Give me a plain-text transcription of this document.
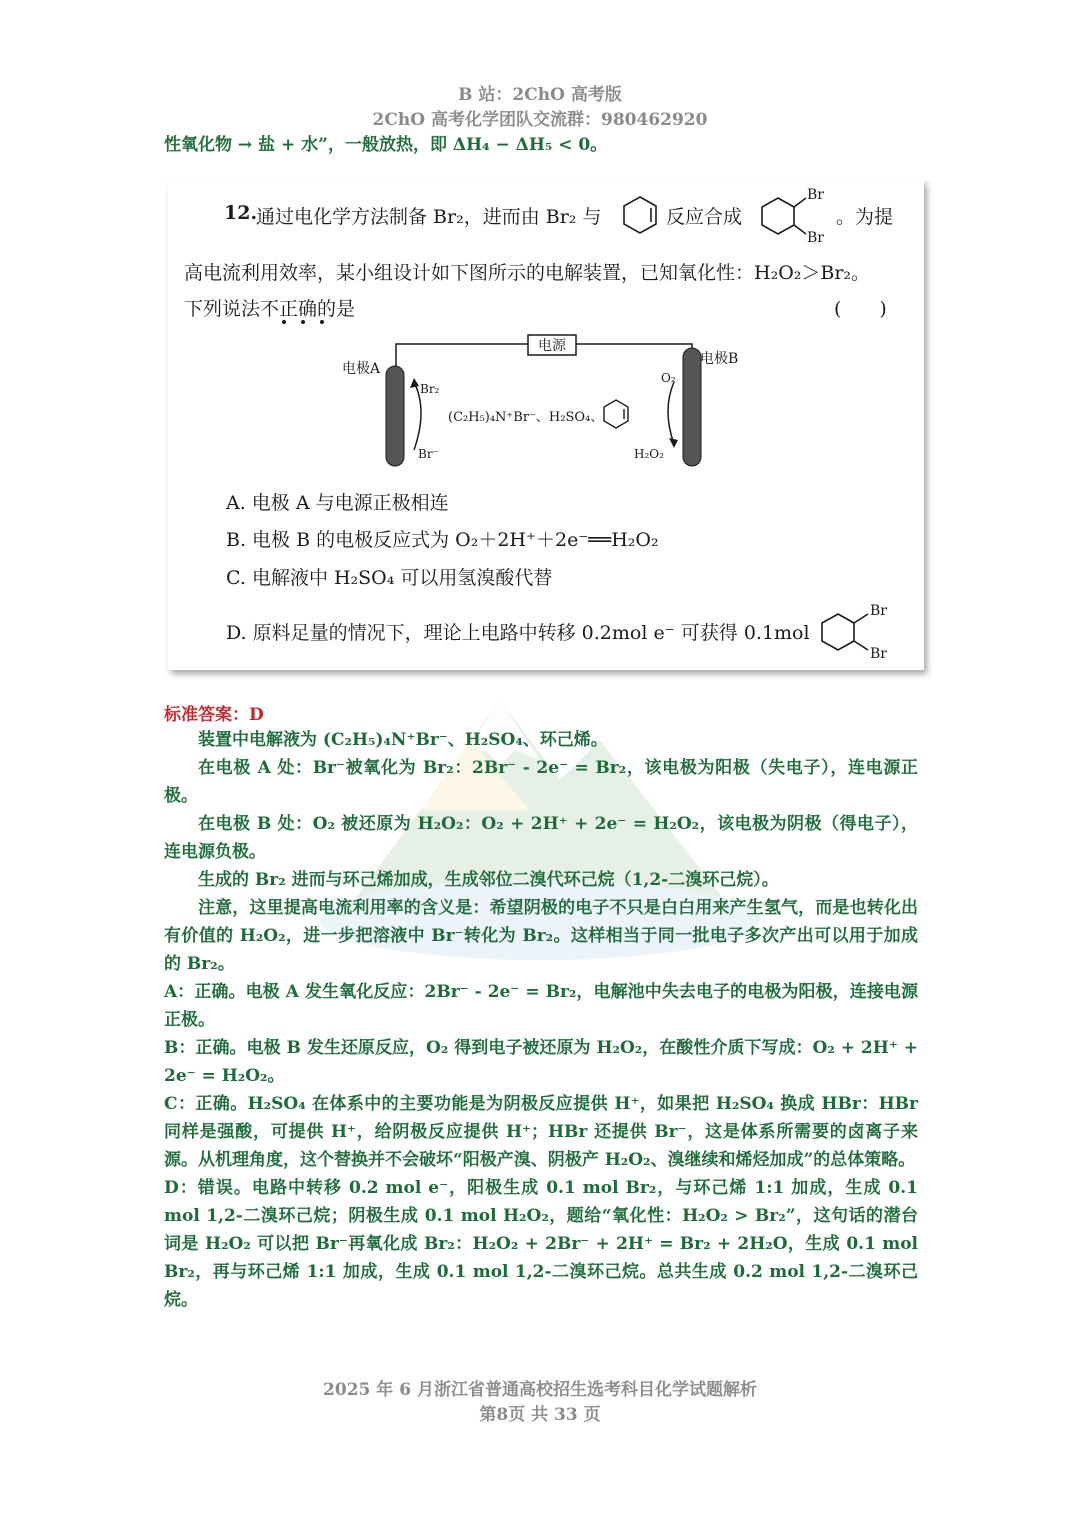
B 站：2ChO 高考版
2ChO 高考化学团队交流群：980462920
性氧化物 → 盐 + 水”，一般放热，即 ΔH₄ − ΔH₅ < 0。
12.
通过电化学方法制备 Br₂，进而由 Br₂ 与	反应合成
Br
Br
。为提
高电流利用效率，某小组设计如下图所示的电解装置，已知氧化性：H₂O₂＞Br₂。
下列说法不正确的是	(　　)
电源
电极A
电极B
Br₂
Br⁻
O₂
H₂O₂
(C₂H₅)₄N⁺Br⁻、H₂SO₄、
A. 电极 A 与电源正极相连
B. 电极 B 的电极反应式为 O₂＋2H⁺＋2e⁻══H₂O₂
C. 电解液中 H₂SO₄ 可以用氢溴酸代替
D. 原料足量的情况下，理论上电路中转移 0.2mol e⁻ 可获得 0.1mol
Br
Br
标准答案：D

装置中电解液为 (C₂H₅)₄N⁺Br⁻、H₂SO₄、环己烯。

在电极 A 处：Br⁻被氧化为 Br₂：2Br⁻ - 2e⁻ = Br₂，该电极为阳极（失电子），连电源正极。

在电极 B 处：O₂ 被还原为 H₂O₂：O₂ + 2H⁺ + 2e⁻ = H₂O₂，该电极为阴极（得电子），连电源负极。

生成的 Br₂ 进而与环己烯加成，生成邻位二溴代环己烷（1,2-二溴环己烷）。

注意，这里提高电流利用率的含义是：希望阴极的电子不只是白白用来产生氢气，而是也转化出有价值的 H₂O₂，进一步把溶液中 Br⁻转化为 Br₂。这样相当于同一批电子多次产出可以用于加成的 Br₂。

A：正确。电极 A 发生氧化反应：2Br⁻ - 2e⁻ = Br₂，电解池中失去电子的电极为阳极，连接电源正极。

B：正确。电极 B 发生还原反应，O₂ 得到电子被还原为 H₂O₂，在酸性介质下写成：O₂ + 2H⁺ + 2e⁻ = H₂O₂。

C：正确。H₂SO₄ 在体系中的主要功能是为阴极反应提供 H⁺，如果把 H₂SO₄ 换成 HBr：HBr 同样是强酸，可提供 H⁺，给阴极反应提供 H⁺；HBr 还提供 Br⁻，这是体系所需要的卤离子来源。从机理角度，这个替换并不会破坏“阳极产溴、阴极产 H₂O₂、溴继续和烯烃加成”的总体策略。

D：错误。电路中转移 0.2 mol e⁻，阳极生成 0.1 mol Br₂，与环己烯 1:1 加成，生成 0.1 mol 1,2-二溴环己烷；阴极生成 0.1 mol H₂O₂，题给“氧化性：H₂O₂ > Br₂”，这句话的潜台词是 H₂O₂ 可以把 Br⁻再氧化成 Br₂：H₂O₂ + 2Br⁻ + 2H⁺ = Br₂ + 2H₂O，生成 0.1 mol Br₂，再与环己烯 1:1 加成，生成 0.1 mol 1,2-二溴环己烷。总共生成 0.2 mol 1,2-二溴环己烷。

2025 年 6 月浙江省普通高校招生选考科目化学试题解析
第8页 共 33 页
